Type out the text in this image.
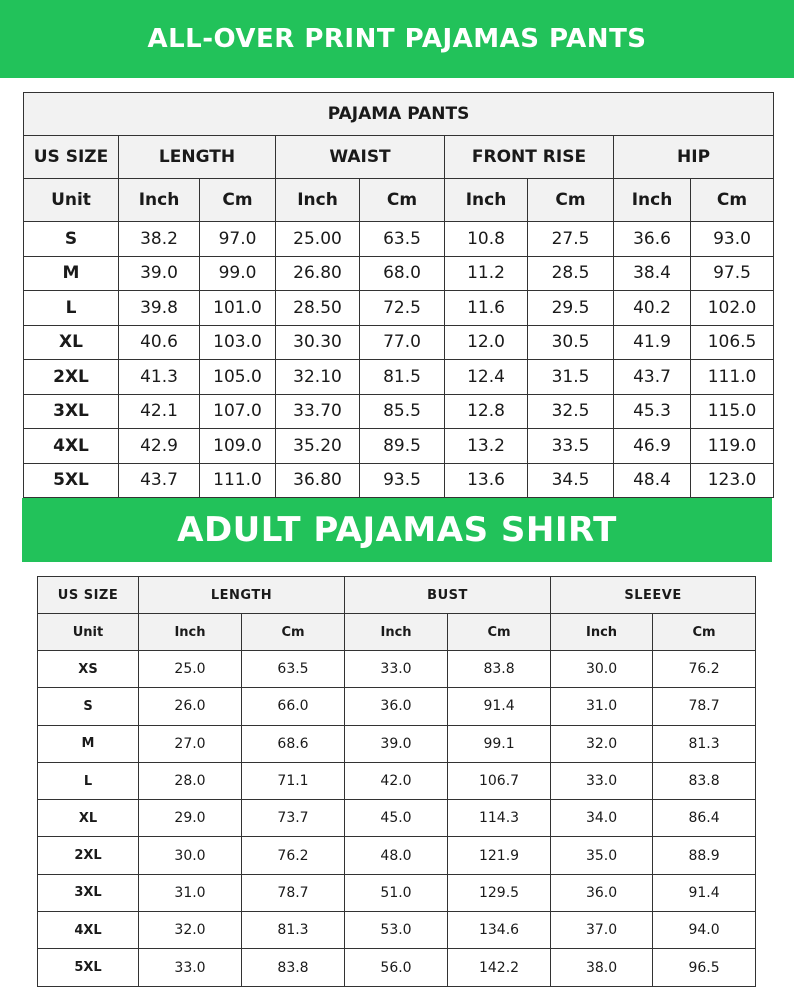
ALL-OVER PRINT PAJAMAS PANTS
PAJAMA PANTS								
US SIZE	LENGTH		WAIST		FRONT RISE		HIP	
Unit	Inch	Cm	Inch	Cm	Inch	Cm	Inch	Cm
S	38.2	97.0	25.00	63.5	10.8	27.5	36.6	93.0
M	39.0	99.0	26.80	68.0	11.2	28.5	38.4	97.5
L	39.8	101.0	28.50	72.5	11.6	29.5	40.2	102.0
XL	40.6	103.0	30.30	77.0	12.0	30.5	41.9	106.5
2XL	41.3	105.0	32.10	81.5	12.4	31.5	43.7	111.0
3XL	42.1	107.0	33.70	85.5	12.8	32.5	45.3	115.0
4XL	42.9	109.0	35.20	89.5	13.2	33.5	46.9	119.0
5XL	43.7	111.0	36.80	93.5	13.6	34.5	48.4	123.0
ADULT PAJAMAS SHIRT
US SIZE	LENGTH		BUST		SLEEVE	
Unit	Inch	Cm	Inch	Cm	Inch	Cm
XS	25.0	63.5	33.0	83.8	30.0	76.2
S	26.0	66.0	36.0	91.4	31.0	78.7
M	27.0	68.6	39.0	99.1	32.0	81.3
L	28.0	71.1	42.0	106.7	33.0	83.8
XL	29.0	73.7	45.0	114.3	34.0	86.4
2XL	30.0	76.2	48.0	121.9	35.0	88.9
3XL	31.0	78.7	51.0	129.5	36.0	91.4
4XL	32.0	81.3	53.0	134.6	37.0	94.0
5XL	33.0	83.8	56.0	142.2	38.0	96.5
